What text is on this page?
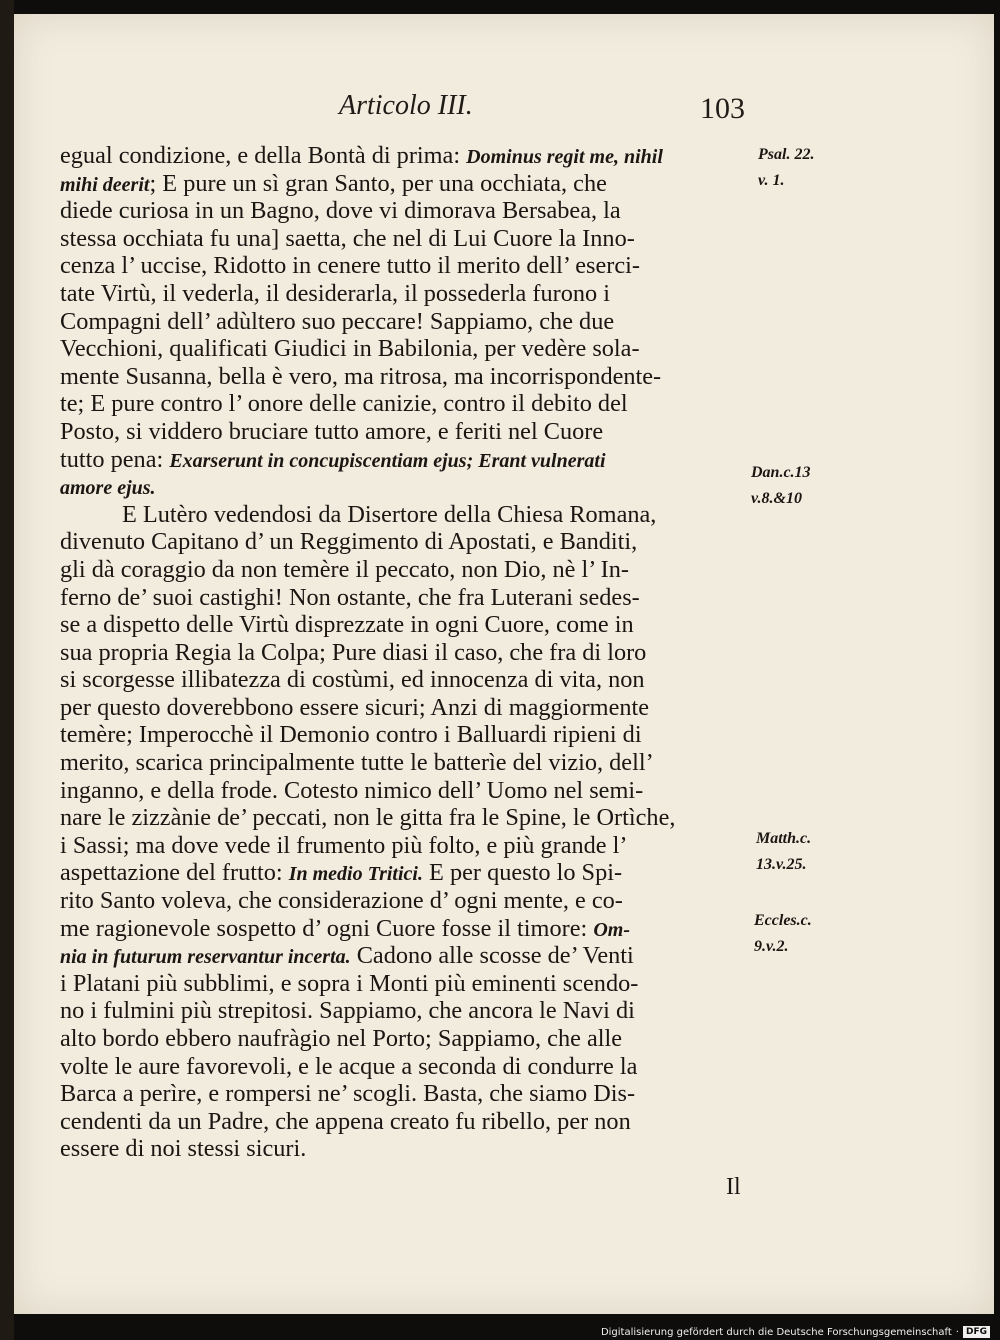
Articolo III.	103
egual condizione, e della Bontà di prima: Dominus regit me, nihil
mihi deerit; E pure un sì gran Santo, per una occhiata, che
diede curiosa in un Bagno, dove vi dimorava Bersabea, la
stessa occhiata fu una] saetta, che nel di Lui Cuore la Inno-
cenza l’ uccise, Ridotto in cenere tutto il merito dell’ eserci-
tate Virtù, il vederla, il desiderarla, il possederla furono i
Compagni dell’ adùltero suo peccare! Sappiamo, che due
Vecchioni, qualificati Giudici in Babilonia, per vedère sola-
mente Susanna, bella è vero, ma ritrosa, ma incorrispondente-
te; E pure contro l’ onore delle canizie, contro il debito del
Posto, si viddero bruciare tutto amore, e feriti nel Cuore
tutto pena: Exarserunt in concupiscentiam ejus; Erant vulnerati
amore ejus.
E Lutèro vedendosi da Disertore della Chiesa Romana,
divenuto Capitano d’ un Reggimento di Apostati, e Banditi,
gli dà coraggio da non temère il peccato, non Dio, nè l’ In-
ferno de’ suoi castighi! Non ostante, che fra Luterani sedes-
se a dispetto delle Virtù disprezzate in ogni Cuore, come in
sua propria Regia la Colpa; Pure diasi il caso, che fra di loro
si scorgesse illibatezza di costùmi, ed innocenza di vita, non
per questo doverebbono essere sicuri; Anzi di maggiormente
temère; Imperocchè il Demonio contro i Balluardi ripieni di
merito, scarica principalmente tutte le batterìe del vizio, dell’
inganno, e della frode. Cotesto nimico dell’ Uomo nel semi-
nare le zizzànie de’ peccati, non le gitta fra le Spine, le Ortìche,
i Sassi; ma dove vede il frumento più folto, e più grande l’
aspettazione del frutto: In medio Tritici. E per questo lo Spi-
rito Santo voleva, che considerazione d’ ogni mente, e co-
me ragionevole sospetto d’ ogni Cuore fosse il timore: Om-
nia in futurum reservantur incerta. Cadono alle scosse de’ Venti
i Platani più subblimi, e sopra i Monti più eminenti scendo-
no i fulmini più strepitosi. Sappiamo, che ancora le Navi di
alto bordo ebbero naufràgio nel Porto; Sappiamo, che alle
volte le aure favorevoli, e le acque a seconda di condurre la
Barca a perìre, e rompersi ne’ scogli. Basta, che siamo Dis-
cendenti da un Padre, che appena creato fu ribello, per non
essere di noi stessi sicuri.
Psal. 22.
v. 1.
Dan.c.13
v.8.&10
Matth.c.
13.v.25.
Eccles.c.
9.v.2.
Il
Digitalisierung gefördert durch die Deutsche Forschungsgemeinschaft · DFG
